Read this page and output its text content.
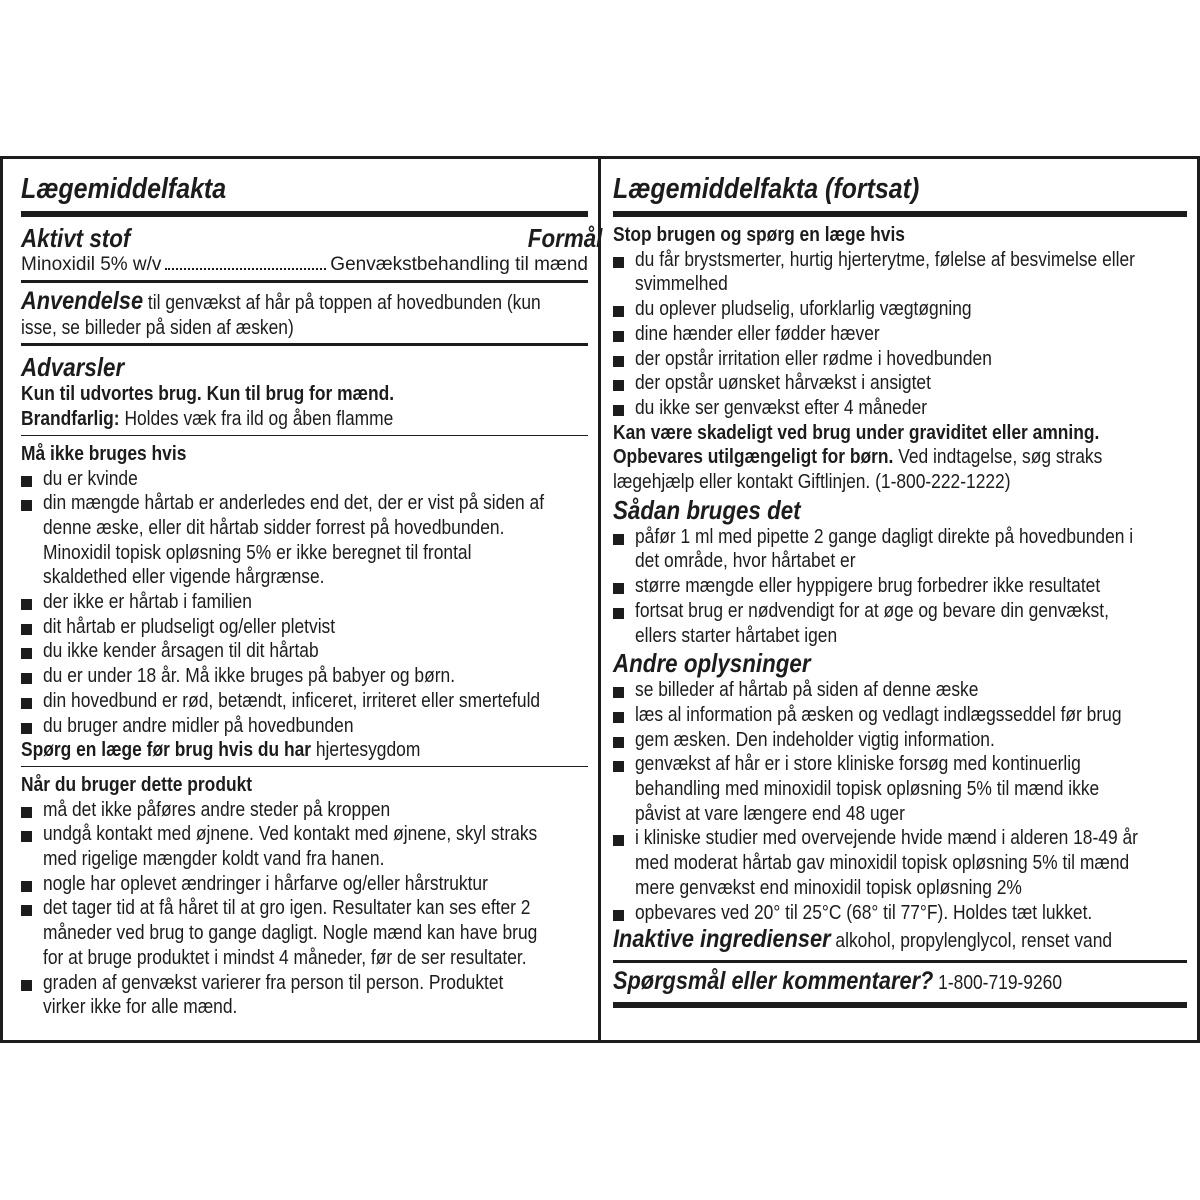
Lægemiddelfakta
Aktivt stof	Formål
Minoxidil 5% w/v	Genvækstbehandling til mænd
Anvendelse til genvækst af hår på toppen af hovedbunden (kun
isse, se billeder på siden af æsken)
Advarsler
Kun til udvortes brug. Kun til brug for mænd.
Brandfarlig: Holdes væk fra ild og åben flamme
Må ikke bruges hvis
du er kvinde
din mængde hårtab er anderledes end det, der er vist på siden af
denne æske, eller dit hårtab sidder forrest på hovedbunden.
Minoxidil topisk opløsning 5% er ikke beregnet til frontal
skaldethed eller vigende hårgrænse.
der ikke er hårtab i familien
dit hårtab er pludseligt og/eller pletvist
du ikke kender årsagen til dit hårtab
du er under 18 år. Må ikke bruges på babyer og børn.
din hovedbund er rød, betændt, inficeret, irriteret eller smertefuld
du bruger andre midler på hovedbunden
Spørg en læge før brug hvis du har hjertesygdom
Når du bruger dette produkt
må det ikke påføres andre steder på kroppen
undgå kontakt med øjnene. Ved kontakt med øjnene, skyl straks
med rigelige mængder koldt vand fra hanen.
nogle har oplevet ændringer i hårfarve og/eller hårstruktur
det tager tid at få håret til at gro igen. Resultater kan ses efter 2
måneder ved brug to gange dagligt. Nogle mænd kan have brug
for at bruge produktet i mindst 4 måneder, før de ser resultater.
graden af genvækst varierer fra person til person. Produktet
virker ikke for alle mænd.
Lægemiddelfakta (fortsat)
Stop brugen og spørg en læge hvis
du får brystsmerter, hurtig hjerterytme, følelse af besvimelse eller
svimmelhed
du oplever pludselig, uforklarlig vægtøgning
dine hænder eller fødder hæver
der opstår irritation eller rødme i hovedbunden
der opstår uønsket hårvækst i ansigtet
du ikke ser genvækst efter 4 måneder
Kan være skadeligt ved brug under graviditet eller amning.
Opbevares utilgængeligt for børn. Ved indtagelse, søg straks
lægehjælp eller kontakt Giftlinjen. (1-800-222-1222)
Sådan bruges det
påfør 1 ml med pipette 2 gange dagligt direkte på hovedbunden i
det område, hvor hårtabet er
større mængde eller hyppigere brug forbedrer ikke resultatet
fortsat brug er nødvendigt for at øge og bevare din genvækst,
ellers starter hårtabet igen
Andre oplysninger
se billeder af hårtab på siden af denne æske
læs al information på æsken og vedlagt indlægsseddel før brug
gem æsken. Den indeholder vigtig information.
genvækst af hår er i store kliniske forsøg med kontinuerlig
behandling med minoxidil topisk opløsning 5% til mænd ikke
påvist at vare længere end 48 uger
i kliniske studier med overvejende hvide mænd i alderen 18-49 år
med moderat hårtab gav minoxidil topisk opløsning 5% til mænd
mere genvækst end minoxidil topisk opløsning 2%
opbevares ved 20° til 25°C (68° til 77°F). Holdes tæt lukket.
Inaktive ingredienser alkohol, propylenglycol, renset vand
Spørgsmål eller kommentarer? 1-800-719-9260
